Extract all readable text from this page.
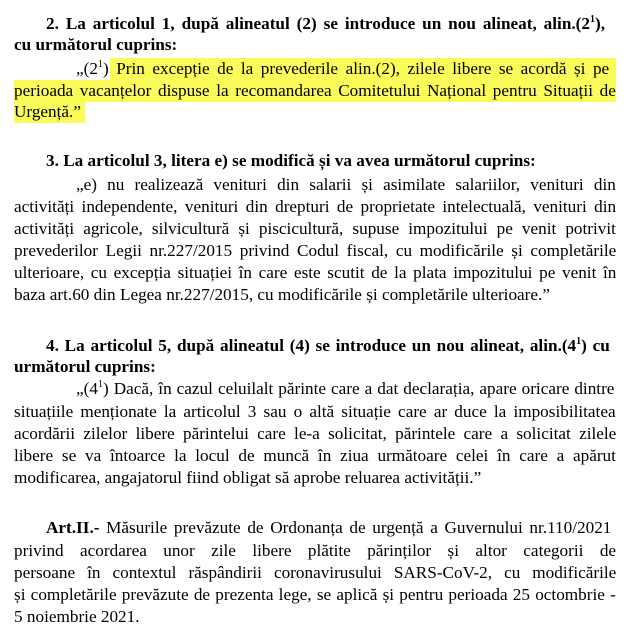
2. La articolul 1, după alineatul (2) se introduce un nou alineat, $alin.(2^1)$,
cu următorul cuprins:
$„(2^1)$ Prin excepție de la prevederile alin.(2), zilele libere se acordă și pe
perioada vacanțelor dispuse la recomandarea Comitetului Național pentru Situații de
Urgență.”
3. La articolul 3, litera e) se modifică și va avea următorul cuprins:
„e) nu realizează venituri din salarii și asimilate salariilor, venituri din
activități independente, venituri din drepturi de proprietate intelectuală, venituri din
activități agricole, silvicultură și piscicultură, supuse impozitului pe venit potrivit
prevederilor Legii nr.227/2015 privind Codul fiscal, cu modificările și completările
ulterioare, cu excepția situației în care este scutit de la plata impozitului pe venit în
baza art.60 din Legea nr.227/2015, cu modificările și completările ulterioare.”
4. La articolul 5, după alineatul (4) se introduce un nou alineat, $alin.(4^1)$ cu
următorul cuprins:
$„(4^1)$ Dacă, în cazul celuilalt părinte care a dat declarația, apare oricare dintre
situațiile menționate la articolul 3 sau o altă situație care ar duce la imposibilitatea
acordării zilelor libere părintelui care le-a solicitat, părintele care a solicitat zilele
libere se va întoarce la locul de muncă în ziua următoare celei în care a apărut
modificarea, angajatorul fiind obligat să aprobe reluarea activității.”
Art.II.- Măsurile prevăzute de Ordonanța de urgență a Guvernului nr.110/2021
privind acordarea unor zile libere plătite părinților și altor categorii de
persoane în contextul răspândirii coronavirusului SARS-CoV-2, cu modificările
și completările prevăzute de prezenta lege, se aplică și pentru perioada 25 octombrie -
5 noiembrie 2021.
